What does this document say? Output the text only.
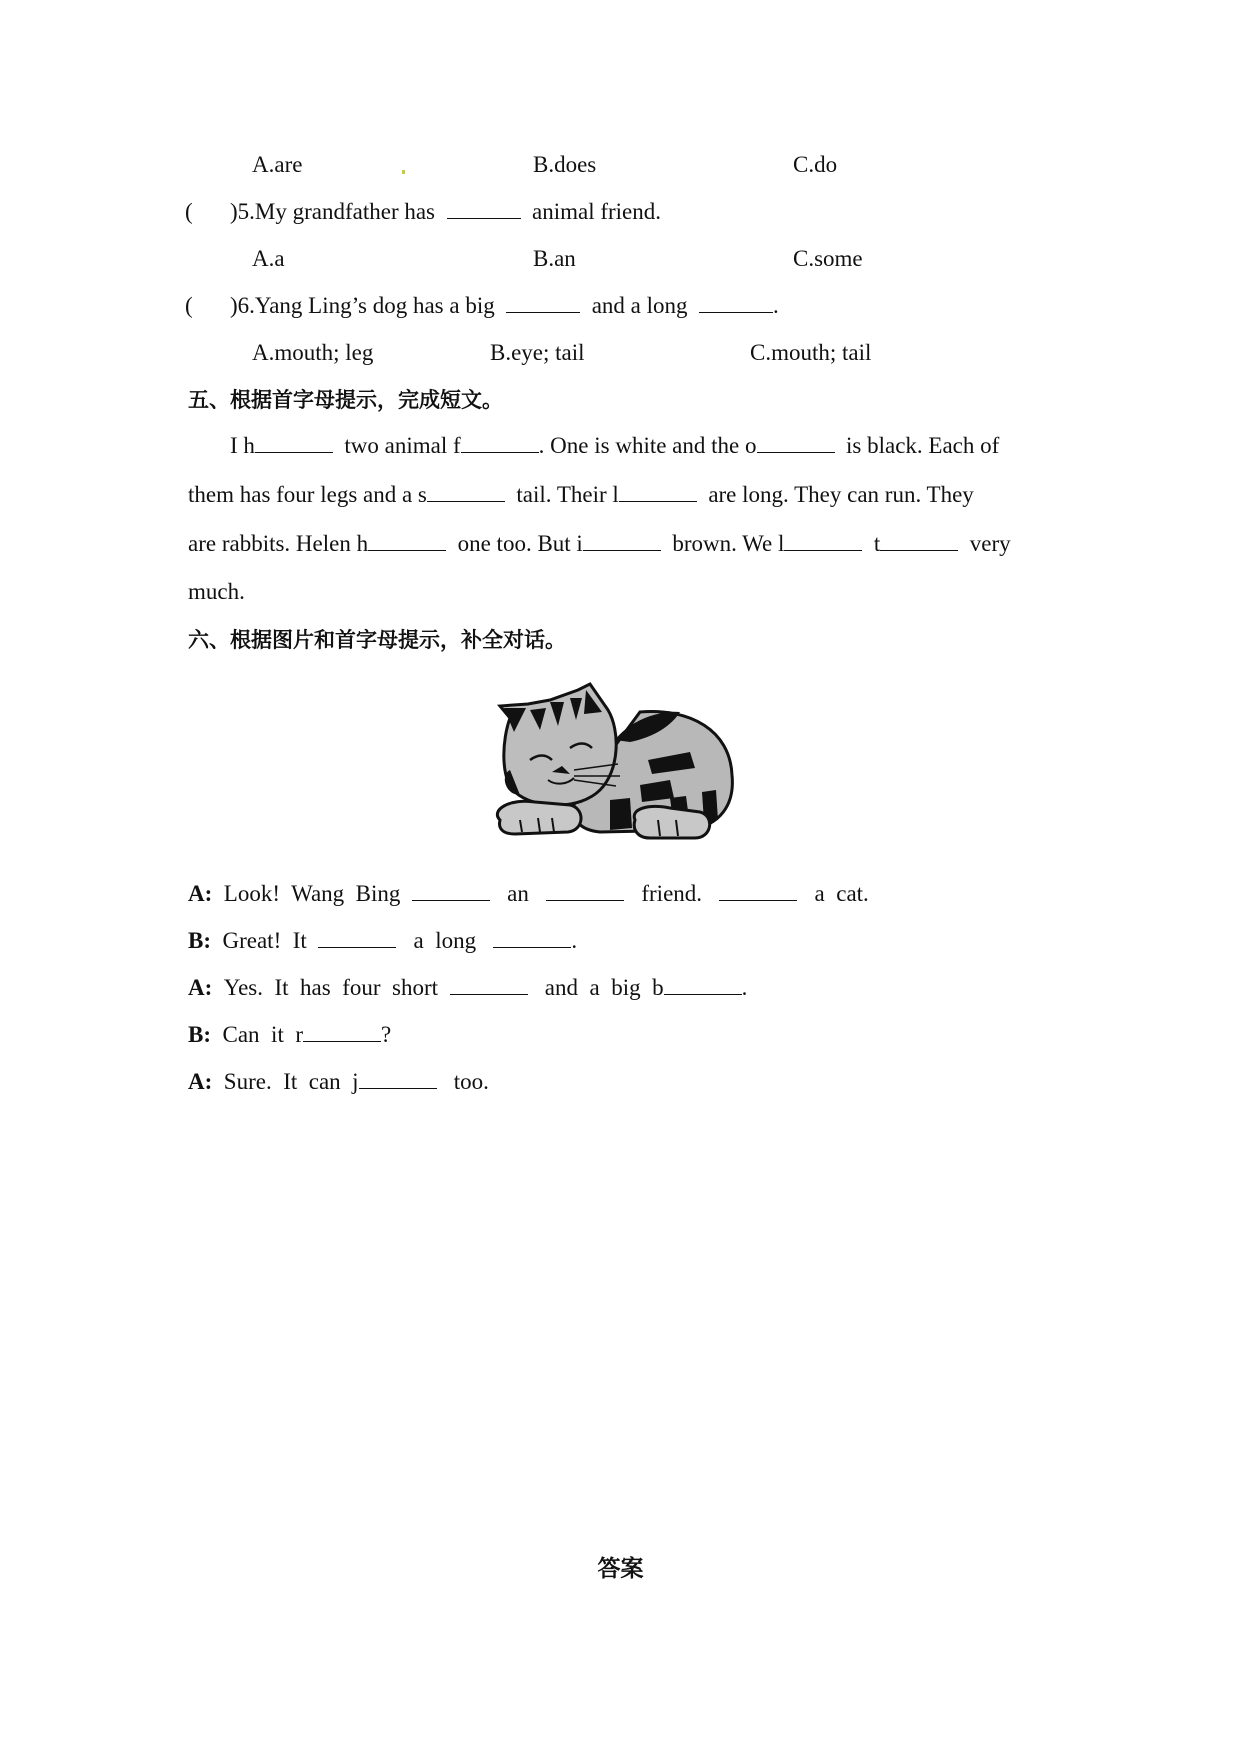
A.are	B.does	C.do
( )5.My grandfather has	animal friend.
A.a	B.an	C.some
( )6.Yang Ling’s dog has a big	and a long	.
A.mouth; leg	B.eye; tail	C.mouth; tail
五、根据首字母提示，完成短文。
I h	two animal f	. One is white and the o	is black. Each of
them has four legs and a s	tail. Their l	are long. They can run. They
are rabbits. Helen h	one too. But i	brown. We l	t	very
much.
六、根据图片和首字母提示，补全对话。
A: Look!  Wang  Bing	an	friend.	a  cat.
B: Great!  It	a  long	.
A: Yes.  It  has  four  short	and  a  big  b	.
B: Can  it  r	?
A: Sure.  It  can  j	too.
答案
